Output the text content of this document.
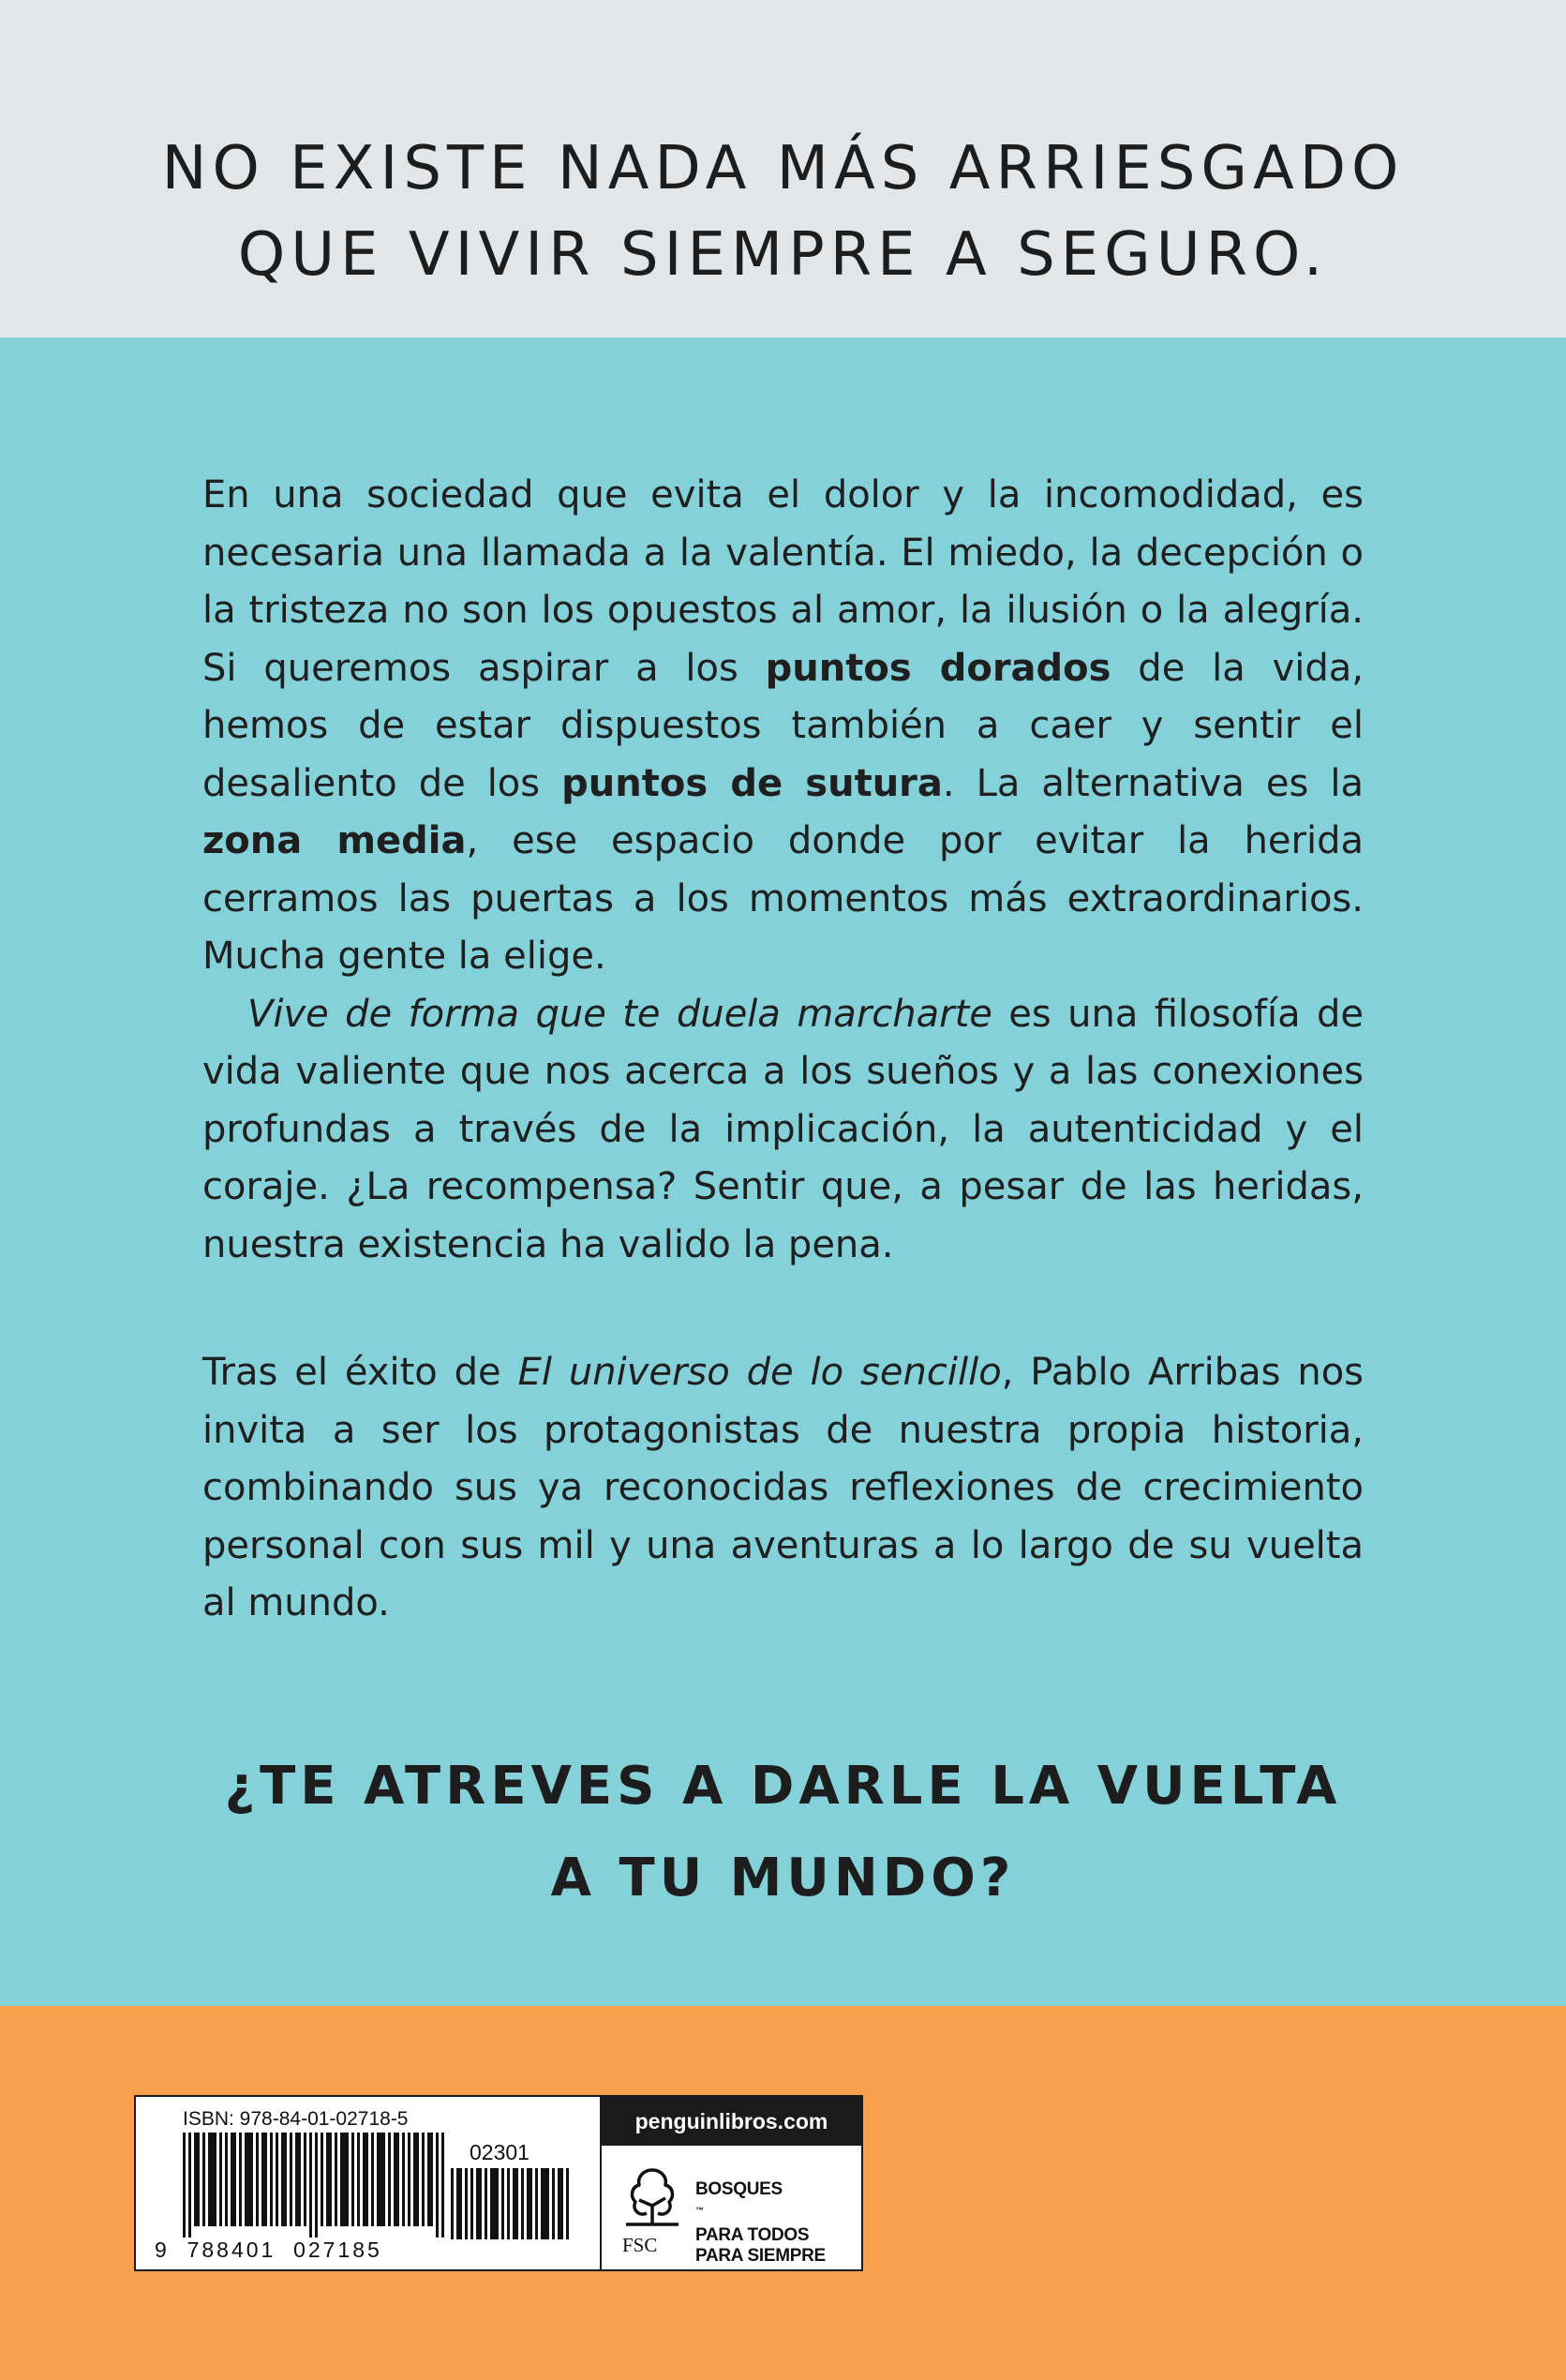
NO EXISTE NADA MÁS ARRIESGADO
QUE VIVIR SIEMPRE A SEGURO.

En una sociedad que evita el dolor y la incomodidad, es necesaria una llamada a la valentía. El miedo, la decepción o la tristeza no son los opuestos al amor, la ilusión o la alegría. Si queremos aspirar a los puntos dorados de la vida, hemos de estar dispuestos también a caer y sentir el desaliento de los puntos de sutura. La alternativa es la zona media, ese espacio donde por evitar la herida cerramos las puertas a los momentos más extraordinarios. Mucha gente la elige.

Vive de forma que te duela marcharte es una filosofía de vida valiente que nos acerca a los sueños y a las conexiones profundas a través de la implicación, la autenticidad y el coraje. ¿La recompensa? Sentir que, a pesar de las heridas, nuestra existencia ha valido la pena.

Tras el éxito de El universo de lo sencillo, Pablo Arribas nos invita a ser los protagonistas de nuestra propia historia, combinando sus ya reconocidas reflexiones de crecimiento personal con sus mil y una aventuras a lo largo de su vuelta al mundo.

¿TE ATREVES A DARLE LA VUELTA
A TU MUNDO?
ISBN: 978-84-01-02718-5
02301
9  788401  027185
penguinlibros.com
FSC
BOSQUES
™
PARA TODOS
PARA SIEMPRE
